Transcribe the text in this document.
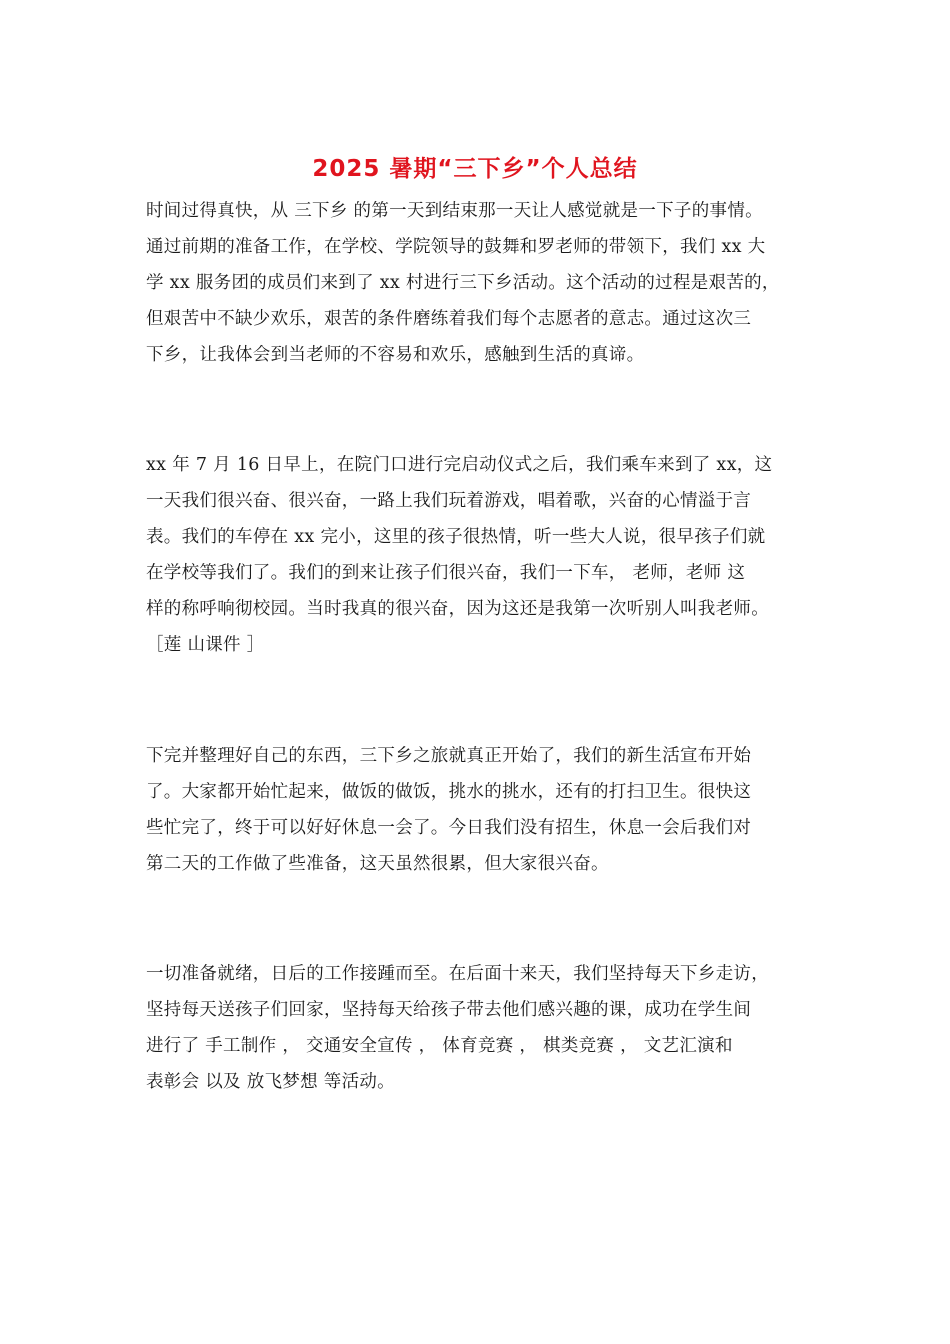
2025 暑期“三下乡”个人总结
时间过得真快，从 三下乡 的第一天到结束那一天让人感觉就是一下子的事情。
通过前期的准备工作，在学校、学院领导的鼓舞和罗老师的带领下，我们 xx 大
学 xx 服务团的成员们来到了 xx 村进行三下乡活动。这个活动的过程是艰苦的，
但艰苦中不缺少欢乐，艰苦的条件磨练着我们每个志愿者的意志。通过这次三
下乡，让我体会到当老师的不容易和欢乐，感触到生活的真谛。
xx 年 7 月 16 日早上，在院门口进行完启动仪式之后，我们乘车来到了 xx，这
一天我们很兴奋、很兴奋，一路上我们玩着游戏，唱着歌，兴奋的心情溢于言
表。我们的车停在 xx 完小，这里的孩子很热情，听一些大人说，很早孩子们就
在学校等我们了。我们的到来让孩子们很兴奋，我们一下车， 老师，老师 这
样的称呼响彻校园。当时我真的很兴奋，因为这还是我第一次听别人叫我老师。
［莲 山课件 ］
下完并整理好自己的东西，三下乡之旅就真正开始了，我们的新生活宣布开始
了。大家都开始忙起来，做饭的做饭，挑水的挑水，还有的打扫卫生。很快这
些忙完了，终于可以好好休息一会了。今日我们没有招生，休息一会后我们对
第二天的工作做了些准备，这天虽然很累，但大家很兴奋。
一切准备就绪，日后的工作接踵而至。在后面十来天，我们坚持每天下乡走访，
坚持每天送孩子们回家，坚持每天给孩子带去他们感兴趣的课，成功在学生间
进行了 手工制作 ， 交通安全宣传 ， 体育竞赛 ， 棋类竞赛 ， 文艺汇演和
表彰会 以及 放飞梦想 等活动。
